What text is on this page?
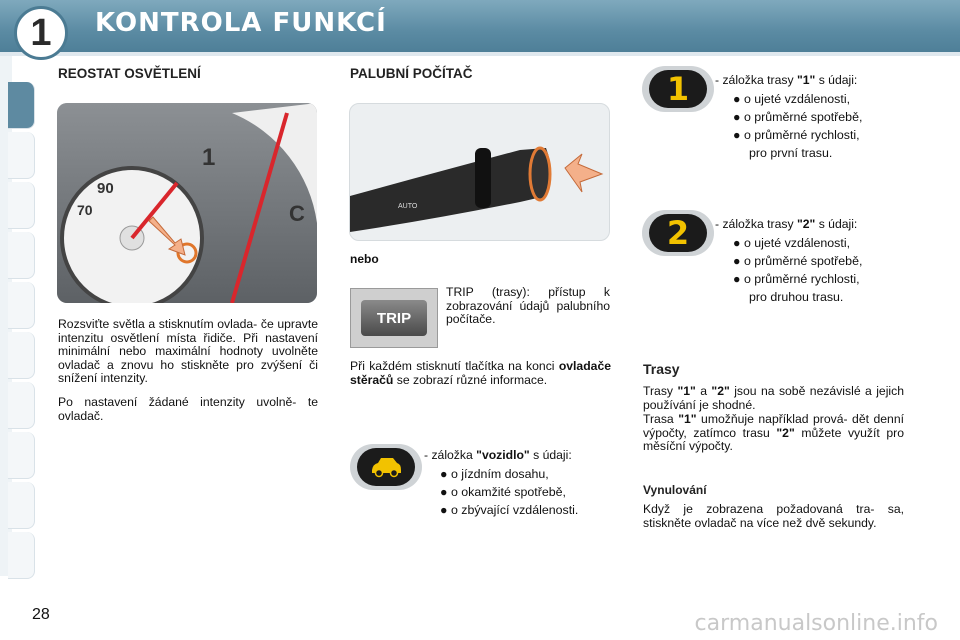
1	KONTROLA FUNKCÍ
REOSTAT OSVĚTLENÍ
90
70
1
C
Rozsviťte světla a stisknutím ovlada- če upravte intenzitu osvětlení místa řidiče. Při nastavení minimální nebo maximální hodnoty uvolněte ovladač a znovu ho stiskněte pro zvýšení či snížení intenzity.
Po nastavení žádané intenzity uvolně- te ovladač.
PALUBNÍ POČÍTAČ
AUTO
nebo
TRIP
TRIP (trasy): přístup k zobrazování údajů palubního počítače.
Při každém stisknutí tlačítka na konci ovladače stěračů se zobrazí různé informace.
- záložka "vozidlo" s údaji:
● o jízdním dosahu,
● o okamžité spotřebě,
● o zbývající vzdálenosti.
1	- záložka trasy "1" s údaji:
● o ujeté vzdálenosti,
● o průměrné spotřebě,
● o průměrné rychlosti,
pro první trasu.
2	- záložka trasy "2" s údaji:
● o ujeté vzdálenosti,
● o průměrné spotřebě,
● o průměrné rychlosti,
pro druhou trasu.
Trasy
Trasy "1" a "2" jsou na sobě nezávislé a jejich používání je shodné.
Trasa "1" umožňuje například prová- dět denní výpočty, zatímco trasu "2" můžete využít pro měsíční výpočty.
Vynulování
Když je zobrazena požadovaná tra- sa, stiskněte ovladač na více než dvě sekundy.
28	carmanualsonline.info
